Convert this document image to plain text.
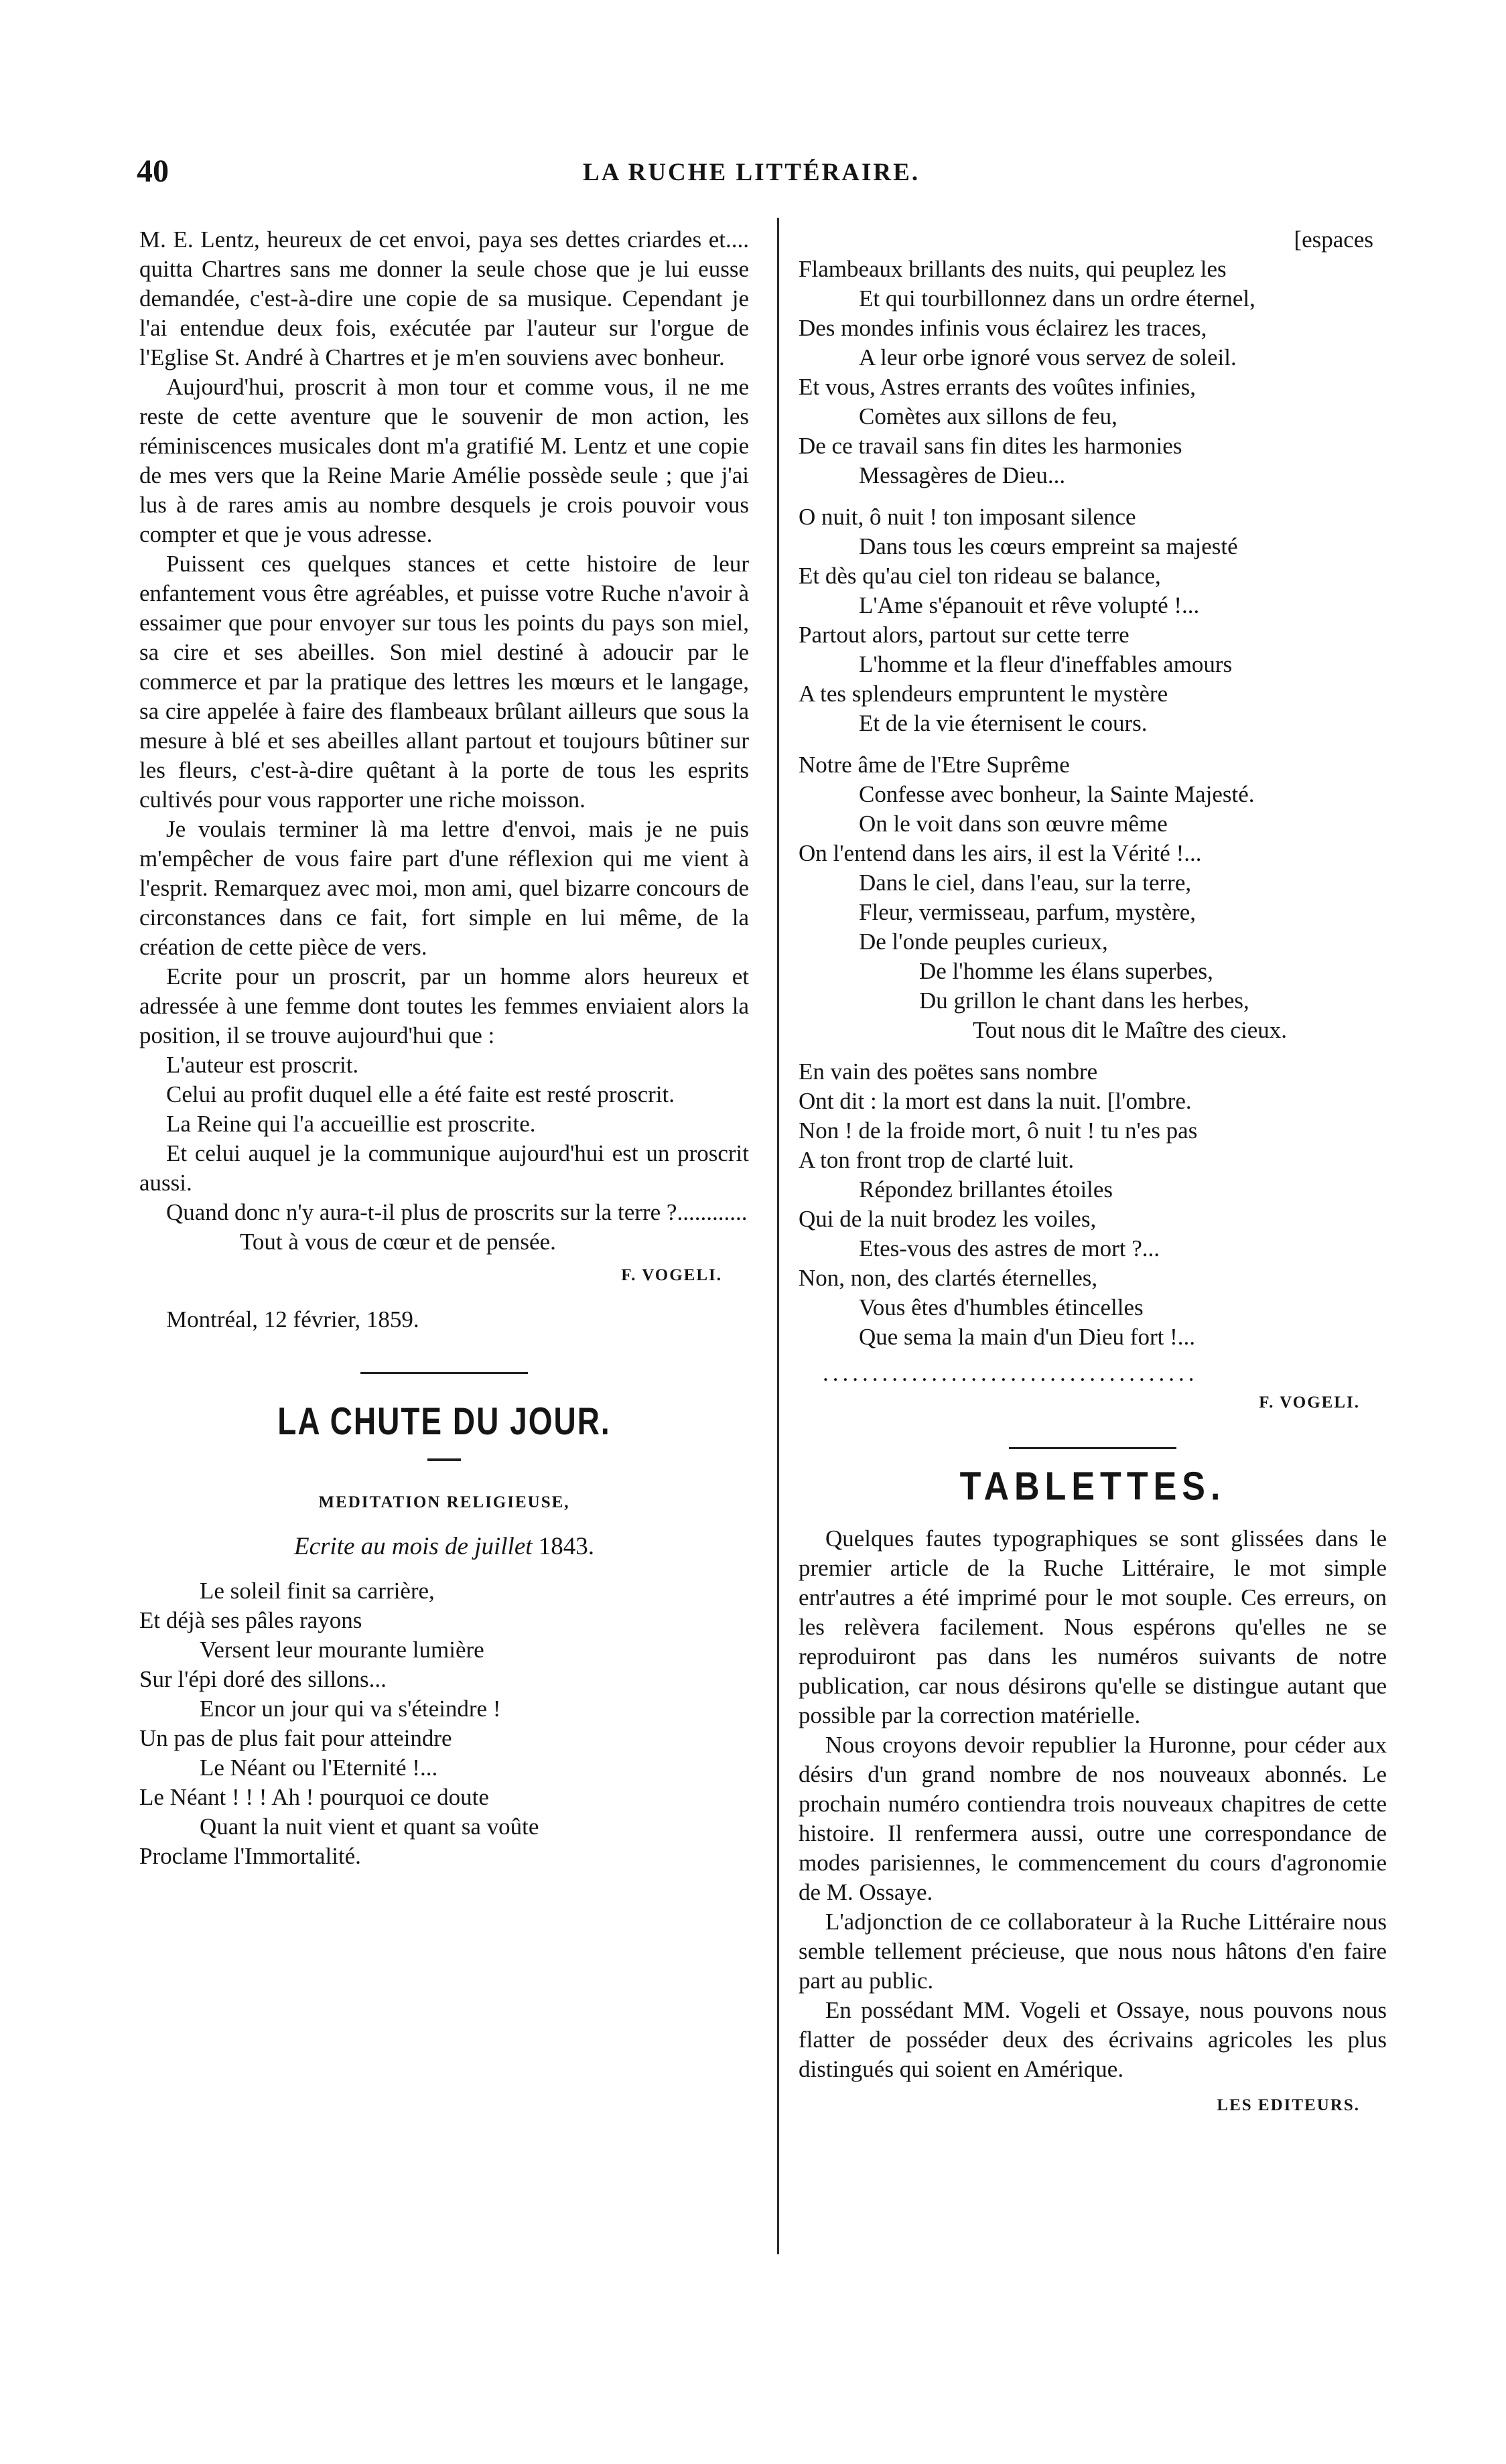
40	LA RUCHE LITTÉRAIRE.

M. E. Lentz, heureux de cet envoi, paya ses dettes criardes et.... quitta Chartres sans me donner la seule chose que je lui eusse demandée, c'est-à-dire une copie de sa musique. Cependant je l'ai entendue deux fois, exécutée par l'auteur sur l'orgue de l'Eglise St. André à Chartres et je m'en souviens avec bonheur.

Aujourd'hui, proscrit à mon tour et comme vous, il ne me reste de cette aventure que le souvenir de mon action, les réminiscences musicales dont m'a gratifié M. Lentz et une copie de mes vers que la Reine Marie Amélie possède seule ; que j'ai lus à de rares amis au nombre desquels je crois pouvoir vous compter et que je vous adresse.

Puissent ces quelques stances et cette histoire de leur enfantement vous être agréables, et puisse votre Ruche n'avoir à essaimer que pour envoyer sur tous les points du pays son miel, sa cire et ses abeilles. Son miel destiné à adoucir par le commerce et par la pratique des lettres les mœurs et le langage, sa cire appelée à faire des flambeaux brûlant ailleurs que sous la mesure à blé et ses abeilles allant partout et toujours bûtiner sur les fleurs, c'est-à-dire quêtant à la porte de tous les esprits cultivés pour vous rapporter une riche moisson.

Je voulais terminer là ma lettre d'envoi, mais je ne puis m'empêcher de vous faire part d'une réflexion qui me vient à l'esprit. Remarquez avec moi, mon ami, quel bizarre concours de circonstances dans ce fait, fort simple en lui même, de la création de cette pièce de vers.

Ecrite pour un proscrit, par un homme alors heureux et adressée à une femme dont toutes les femmes enviaient alors la position, il se trouve aujourd'hui que :

L'auteur est proscrit.

Celui au profit duquel elle a été faite est resté proscrit.

La Reine qui l'a accueillie est proscrite.

Et celui auquel je la communique aujourd'hui est un proscrit aussi.

Quand donc n'y aura-t-il plus de proscrits sur la terre ?............

Tout à vous de cœur et de pensée.

F. VOGELI.
Montréal, 12 février, 1859.
LA CHUTE DU JOUR.
MEDITATION RELIGIEUSE,
Ecrite au mois de juillet 1843.
Le soleil finit sa carrière,
Et déjà ses pâles rayons
Versent leur mourante lumière
Sur l'épi doré des sillons...
Encor un jour qui va s'éteindre !
Un pas de plus fait pour atteindre
Le Néant ou l'Eternité !...
Le Néant ! ! ! Ah ! pourquoi ce doute
Quant la nuit vient et quant sa voûte
Proclame l'Immortalité.
[espaces
Flambeaux brillants des nuits, qui peuplez les
Et qui tourbillonnez dans un ordre éternel,
Des mondes infinis vous éclairez les traces,
A leur orbe ignoré vous servez de soleil.
Et vous, Astres errants des voûtes infinies,
Comètes aux sillons de feu,
De ce travail sans fin dites les harmonies
Messagères de Dieu...
O nuit, ô nuit ! ton imposant silence
Dans tous les cœurs empreint sa majesté
Et dès qu'au ciel ton rideau se balance,
L'Ame s'épanouit et rêve volupté !...
Partout alors, partout sur cette terre
L'homme et la fleur d'ineffables amours
A tes splendeurs empruntent le mystère
Et de la vie éternisent le cours.
Notre âme de l'Etre Suprême
Confesse avec bonheur, la Sainte Majesté.
On le voit dans son œuvre même
On l'entend dans les airs, il est la Vérité !...
Dans le ciel, dans l'eau, sur la terre,
Fleur, vermisseau, parfum, mystère,
De l'onde peuples curieux,
De l'homme les élans superbes,
Du grillon le chant dans les herbes,
Tout nous dit le Maître des cieux.
En vain des poëtes sans nombre
Ont dit : la mort est dans la nuit. [l'ombre.
Non ! de la froide mort, ô nuit ! tu n'es pas
A ton front trop de clarté luit.
Répondez brillantes étoiles
Qui de la nuit brodez les voiles,
Etes-vous des astres de mort ?...
Non, non, des clartés éternelles,
Vous êtes d'humbles étincelles
Que sema la main d'un Dieu fort !...
......................................
F. VOGELI.
TABLETTES.

Quelques fautes typographiques se sont glissées dans le premier article de la Ruche Littéraire, le mot simple entr'autres a été imprimé pour le mot souple. Ces erreurs, on les relèvera facilement. Nous espérons qu'elles ne se reproduiront pas dans les numéros suivants de notre publication, car nous désirons qu'elle se distingue autant que possible par la correction matérielle.

Nous croyons devoir republier la Huronne, pour céder aux désirs d'un grand nombre de nos nouveaux abonnés. Le prochain numéro contiendra trois nouveaux chapitres de cette histoire. Il renfermera aussi, outre une correspondance de modes parisiennes, le commencement du cours d'agronomie de M. Ossaye.

L'adjonction de ce collaborateur à la Ruche Littéraire nous semble tellement précieuse, que nous nous hâtons d'en faire part au public.

En possédant MM. Vogeli et Ossaye, nous pouvons nous flatter de posséder deux des écrivains agricoles les plus distingués qui soient en Amérique.

LES EDITEURS.
